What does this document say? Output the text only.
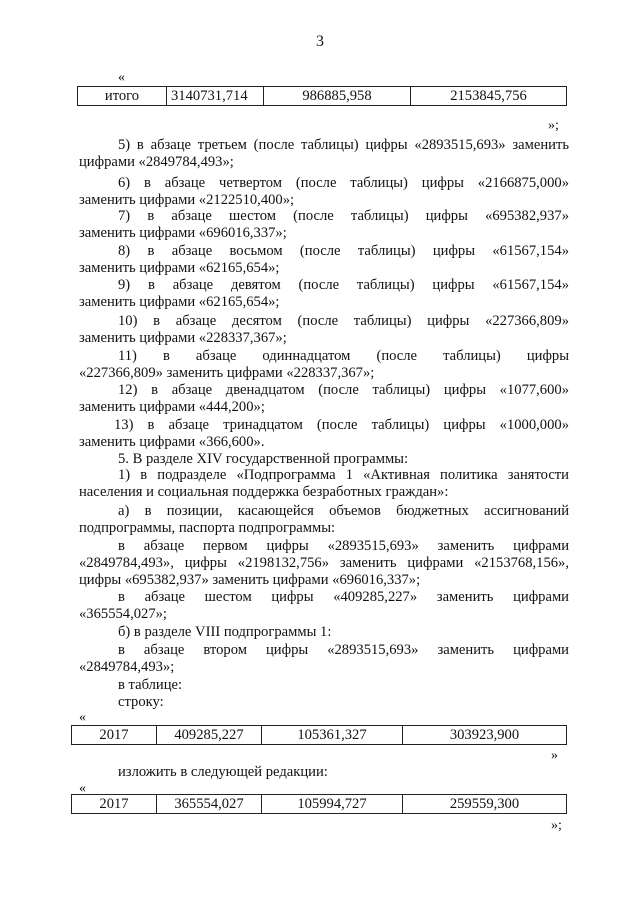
3
«
итого	3140731,714	986885,958	2153845,756
»;
5) в абзаце третьем (после таблицы) цифры «2893515,693» заменить
цифрами «2849784,493»;
6) в абзаце четвертом (после таблицы) цифры «2166875,000»
заменить цифрами «2122510,400»;
7) в абзаце шестом (после таблицы) цифры «695382,937»
заменить цифрами «696016,337»;
8) в абзаце восьмом (после таблицы) цифры «61567,154»
заменить цифрами «62165,654»;
9) в абзаце девятом (после таблицы) цифры «61567,154»
заменить цифрами «62165,654»;
10) в абзаце десятом (после таблицы) цифры «227366,809»
заменить цифрами «228337,367»;
11) в абзаце одиннадцатом (после таблицы) цифры
«227366,809» заменить цифрами «228337,367»;
12) в абзаце двенадцатом (после таблицы) цифры «1077,600»
заменить цифрами «444,200»;
13) в абзаце тринадцатом (после таблицы) цифры «1000,000»
заменить цифрами «366,600».
5. В разделе XIV государственной программы:
1) в подразделе «Подпрограмма 1 «Активная политика занятости
населения и социальная поддержка безработных граждан»:
а) в позиции, касающейся объемов бюджетных ассигнований
подпрограммы, паспорта подпрограммы:
в абзаце первом цифры «2893515,693» заменить цифрами
«2849784,493», цифры «2198132,756» заменить цифрами «2153768,156»,
цифры «695382,937» заменить цифрами «696016,337»;
в абзаце шестом цифры «409285,227» заменить цифрами
«365554,027»;
б) в разделе VIII подпрограммы 1:
в абзаце втором цифры «2893515,693» заменить цифрами
«2849784,493»;
в таблице:
строку:
«
2017	409285,227	105361,327	303923,900
»
изложить в следующей редакции:
«
2017	365554,027	105994,727	259559,300
»;
